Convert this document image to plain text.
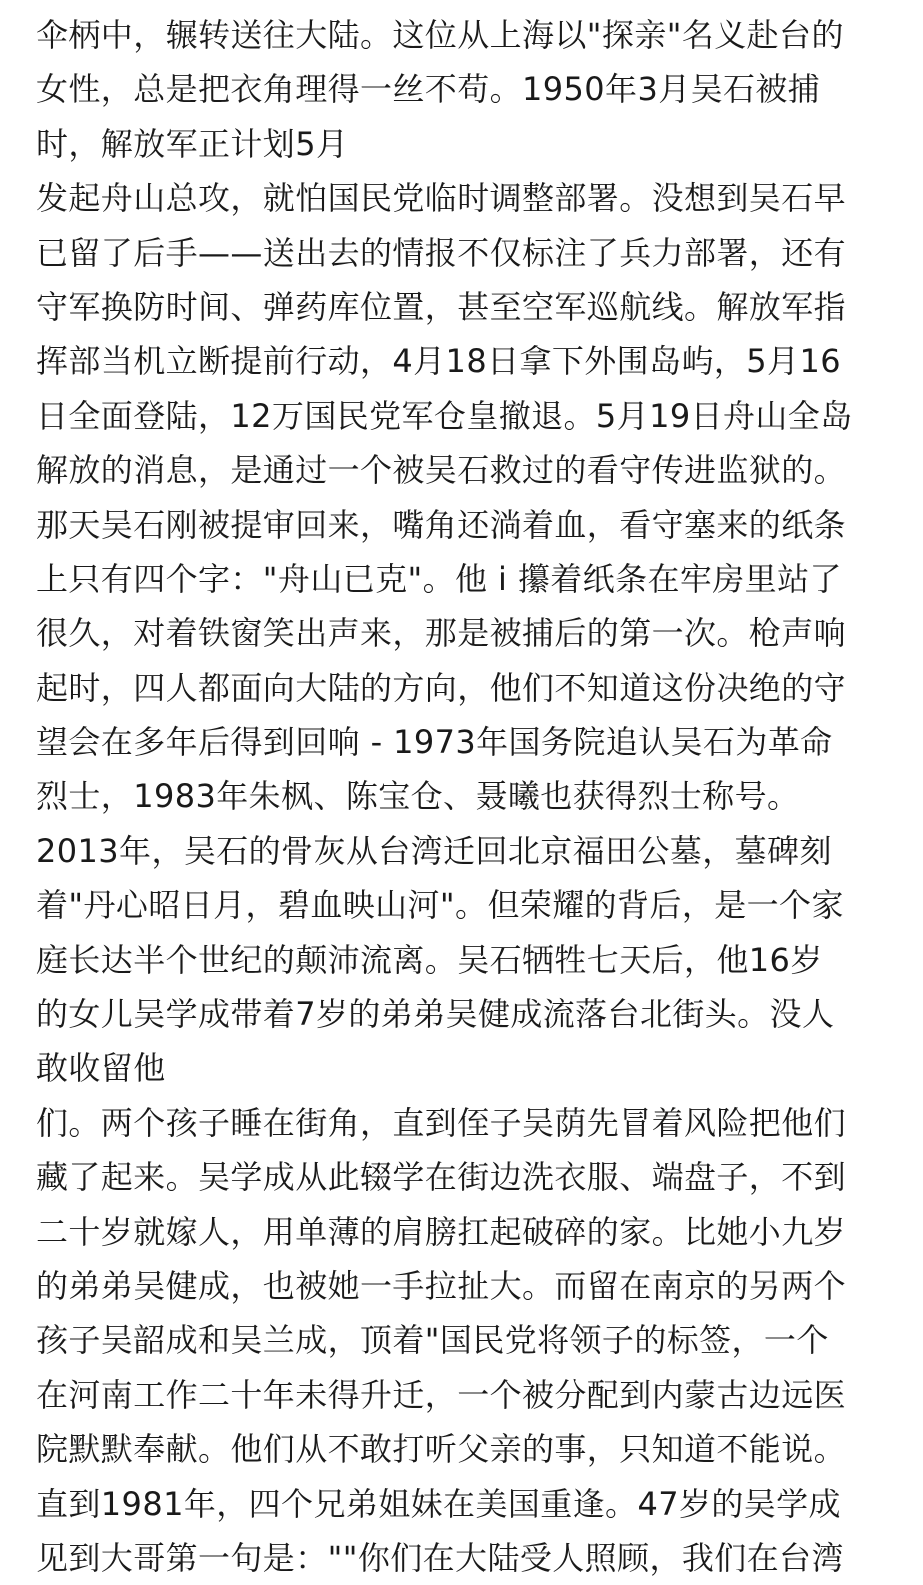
伞柄中，辗转送往大陆。这位从上海以"探亲"名义赴台的
女性，总是把衣角理得一丝不苟。1950年3月吴石被捕
时，解放军正计划5月
发起舟山总攻，就怕国民党临时调整部署。没想到吴石早
已留了后手——送出去的情报不仅标注了兵力部署，还有
守军换防时间、弹药库位置，甚至空军巡航线。解放军指
挥部当机立断提前行动，4月18日拿下外围岛屿，5月16
日全面登陆，12万国民党军仓皇撤退。5月19日舟山全岛
解放的消息，是通过一个被吴石救过的看守传进监狱的。
那天吴石刚被提审回来，嘴角还淌着血，看守塞来的纸条
上只有四个字："舟山已克"。他 i 攥着纸条在牢房里站了
很久，对着铁窗笑出声来，那是被捕后的第一次。枪声响
起时，四人都面向大陆的方向，他们不知道这份决绝的守
望会在多年后得到回响 - 1973年国务院追认吴石为革命
烈士，1983年朱枫、陈宝仓、聂曦也获得烈士称号。
2013年，吴石的骨灰从台湾迁回北京福田公墓，墓碑刻
着"丹心昭日月，碧血映山河"。但荣耀的背后，是一个家
庭长达半个世纪的颠沛流离。吴石牺牲七天后，他16岁
的女儿吴学成带着7岁的弟弟吴健成流落台北街头。没人
敢收留他
们。两个孩子睡在街角，直到侄子吴荫先冒着风险把他们
藏了起来。吴学成从此辍学在街边洗衣服、端盘子，不到
二十岁就嫁人，用单薄的肩膀扛起破碎的家。比她小九岁
的弟弟吴健成，也被她一手拉扯大。而留在南京的另两个
孩子吴韶成和吴兰成，顶着"国民党将领子的标签，一个
在河南工作二十年未得升迁，一个被分配到内蒙古边远医
院默默奉献。他们从不敢打听父亲的事，只知道不能说。
直到1981年，四个兄弟姐妹在美国重逢。47岁的吴学成
见到大哥第一句是：""你们在大陆受人照顾，我们在台湾
